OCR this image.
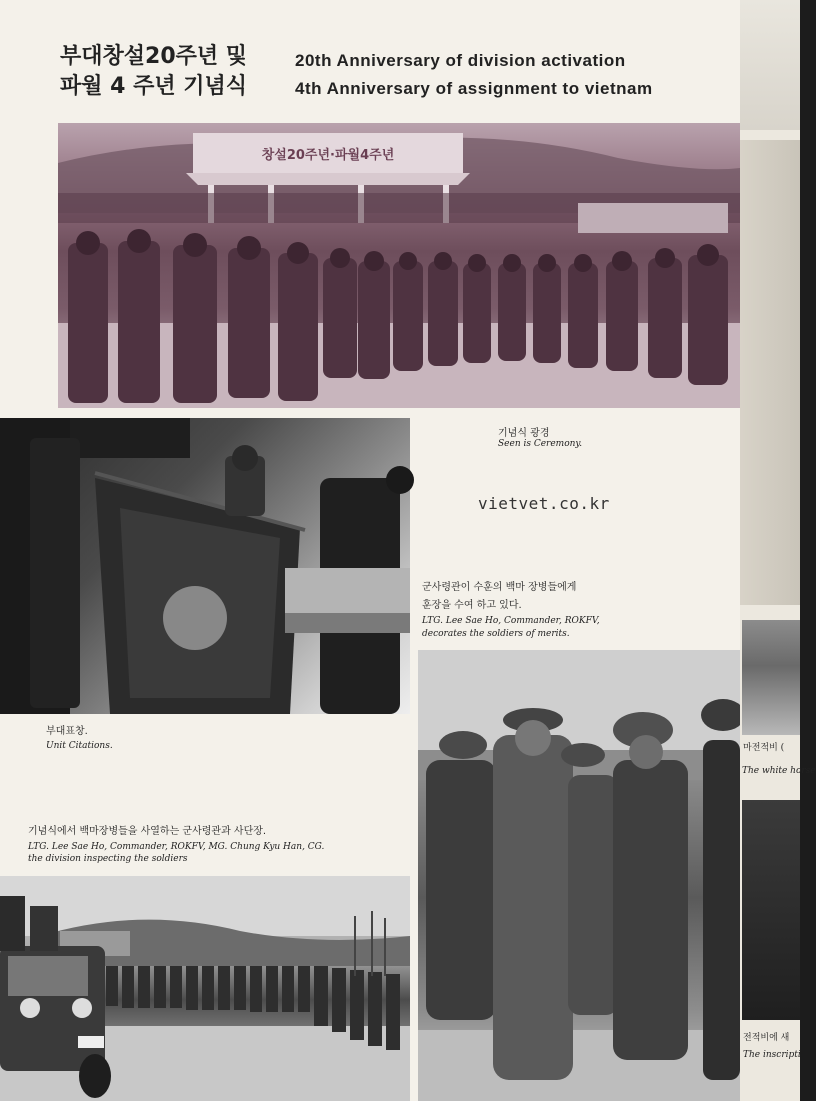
부대창설20주년 및
파월 4 주년 기념식
20th Anniversary of division activation
4th Anniversary of assignment to vietnam
창설20주년·파월4주년
기념식 광경
Seen is Ceremony.
vietvet.co.kr
군사령관이 수훈의 백마 장병들에게
훈장을 수여 하고 있다.
LTG. Lee Sae Ho, Commander, ROKFV,
decorates the soldiers of merits.
부대표창.
Unit Citations.
기념식에서 백마장병들을 사열하는 군사령관과 사단장.
LTG. Lee Sae Ho, Commander, ROKFV, MG. Chung Kyu Han, CG.
the division inspecting the soldiers
마전적비 (
The white horse
전적비에 새
The inscripti
